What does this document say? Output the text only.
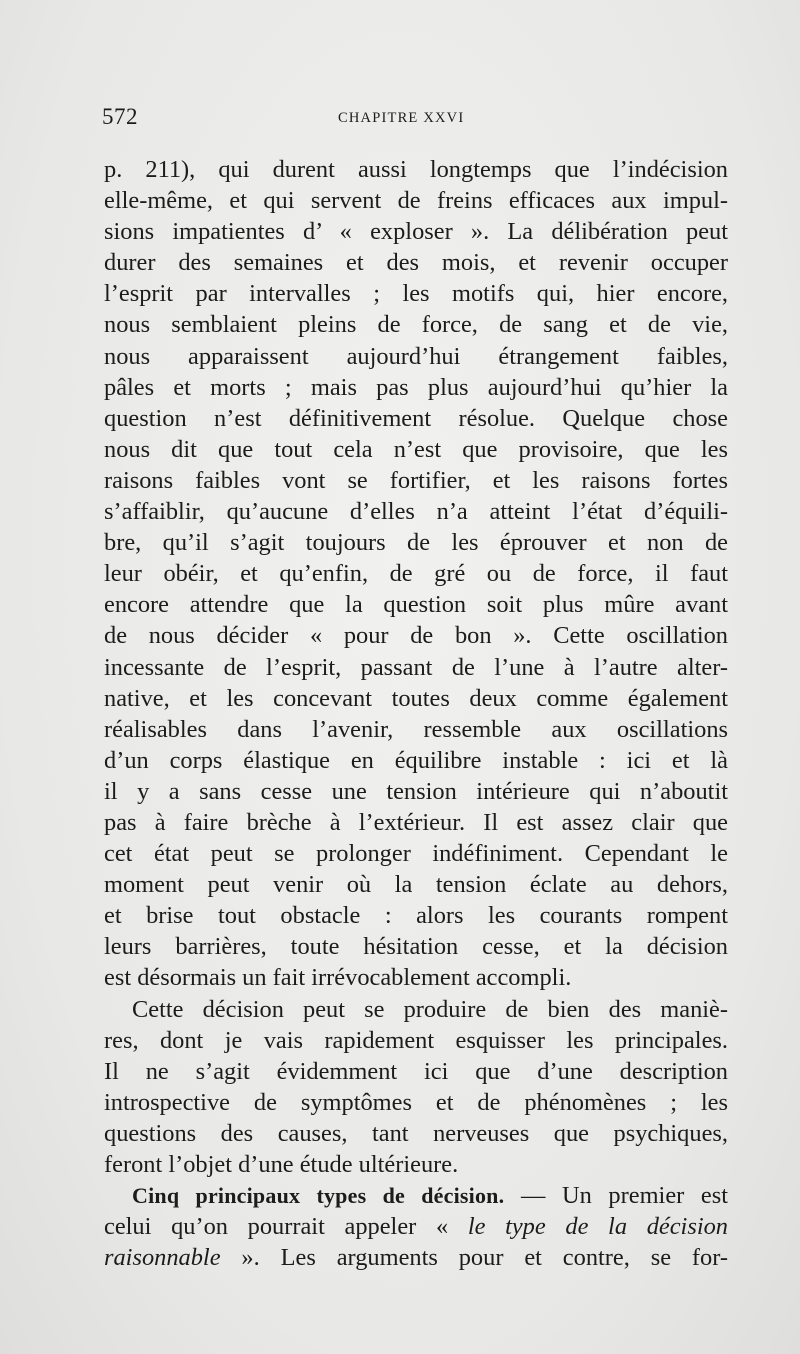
572	CHAPITRE XXVI
p. 211), qui durent aussi longtemps que l’indécision
elle-même, et qui servent de freins efficaces aux impul-
sions impatientes d’ « exploser ». La délibération peut
durer des semaines et des mois, et revenir occuper
l’esprit par intervalles ; les motifs qui, hier encore,
nous semblaient pleins de force, de sang et de vie,
nous apparaissent aujourd’hui étrangement faibles,
pâles et morts ; mais pas plus aujourd’hui qu’hier la
question n’est définitivement résolue. Quelque chose
nous dit que tout cela n’est que provisoire, que les
raisons faibles vont se fortifier, et les raisons fortes
s’affaiblir, qu’aucune d’elles n’a atteint l’état d’équili-
bre, qu’il s’agit toujours de les éprouver et non de
leur obéir, et qu’enfin, de gré ou de force, il faut
encore attendre que la question soit plus mûre avant
de nous décider « pour de bon ». Cette oscillation
incessante de l’esprit, passant de l’une à l’autre alter-
native, et les concevant toutes deux comme également
réalisables dans l’avenir, ressemble aux oscillations
d’un corps élastique en équilibre instable : ici et là
il y a sans cesse une tension intérieure qui n’aboutit
pas à faire brèche à l’extérieur. Il est assez clair que
cet état peut se prolonger indéfiniment. Cependant le
moment peut venir où la tension éclate au dehors,
et brise tout obstacle : alors les courants rompent
leurs barrières, toute hésitation cesse, et la décision
est désormais un fait irrévocablement accompli.
Cette décision peut se produire de bien des maniè-
res, dont je vais rapidement esquisser les principales.
Il ne s’agit évidemment ici que d’une description
introspective de symptômes et de phénomènes ; les
questions des causes, tant nerveuses que psychiques,
feront l’objet d’une étude ultérieure.
Cinq principaux types de décision. — Un premier est
celui qu’on pourrait appeler « le type de la décision
raisonnable ». Les arguments pour et contre, se for-
